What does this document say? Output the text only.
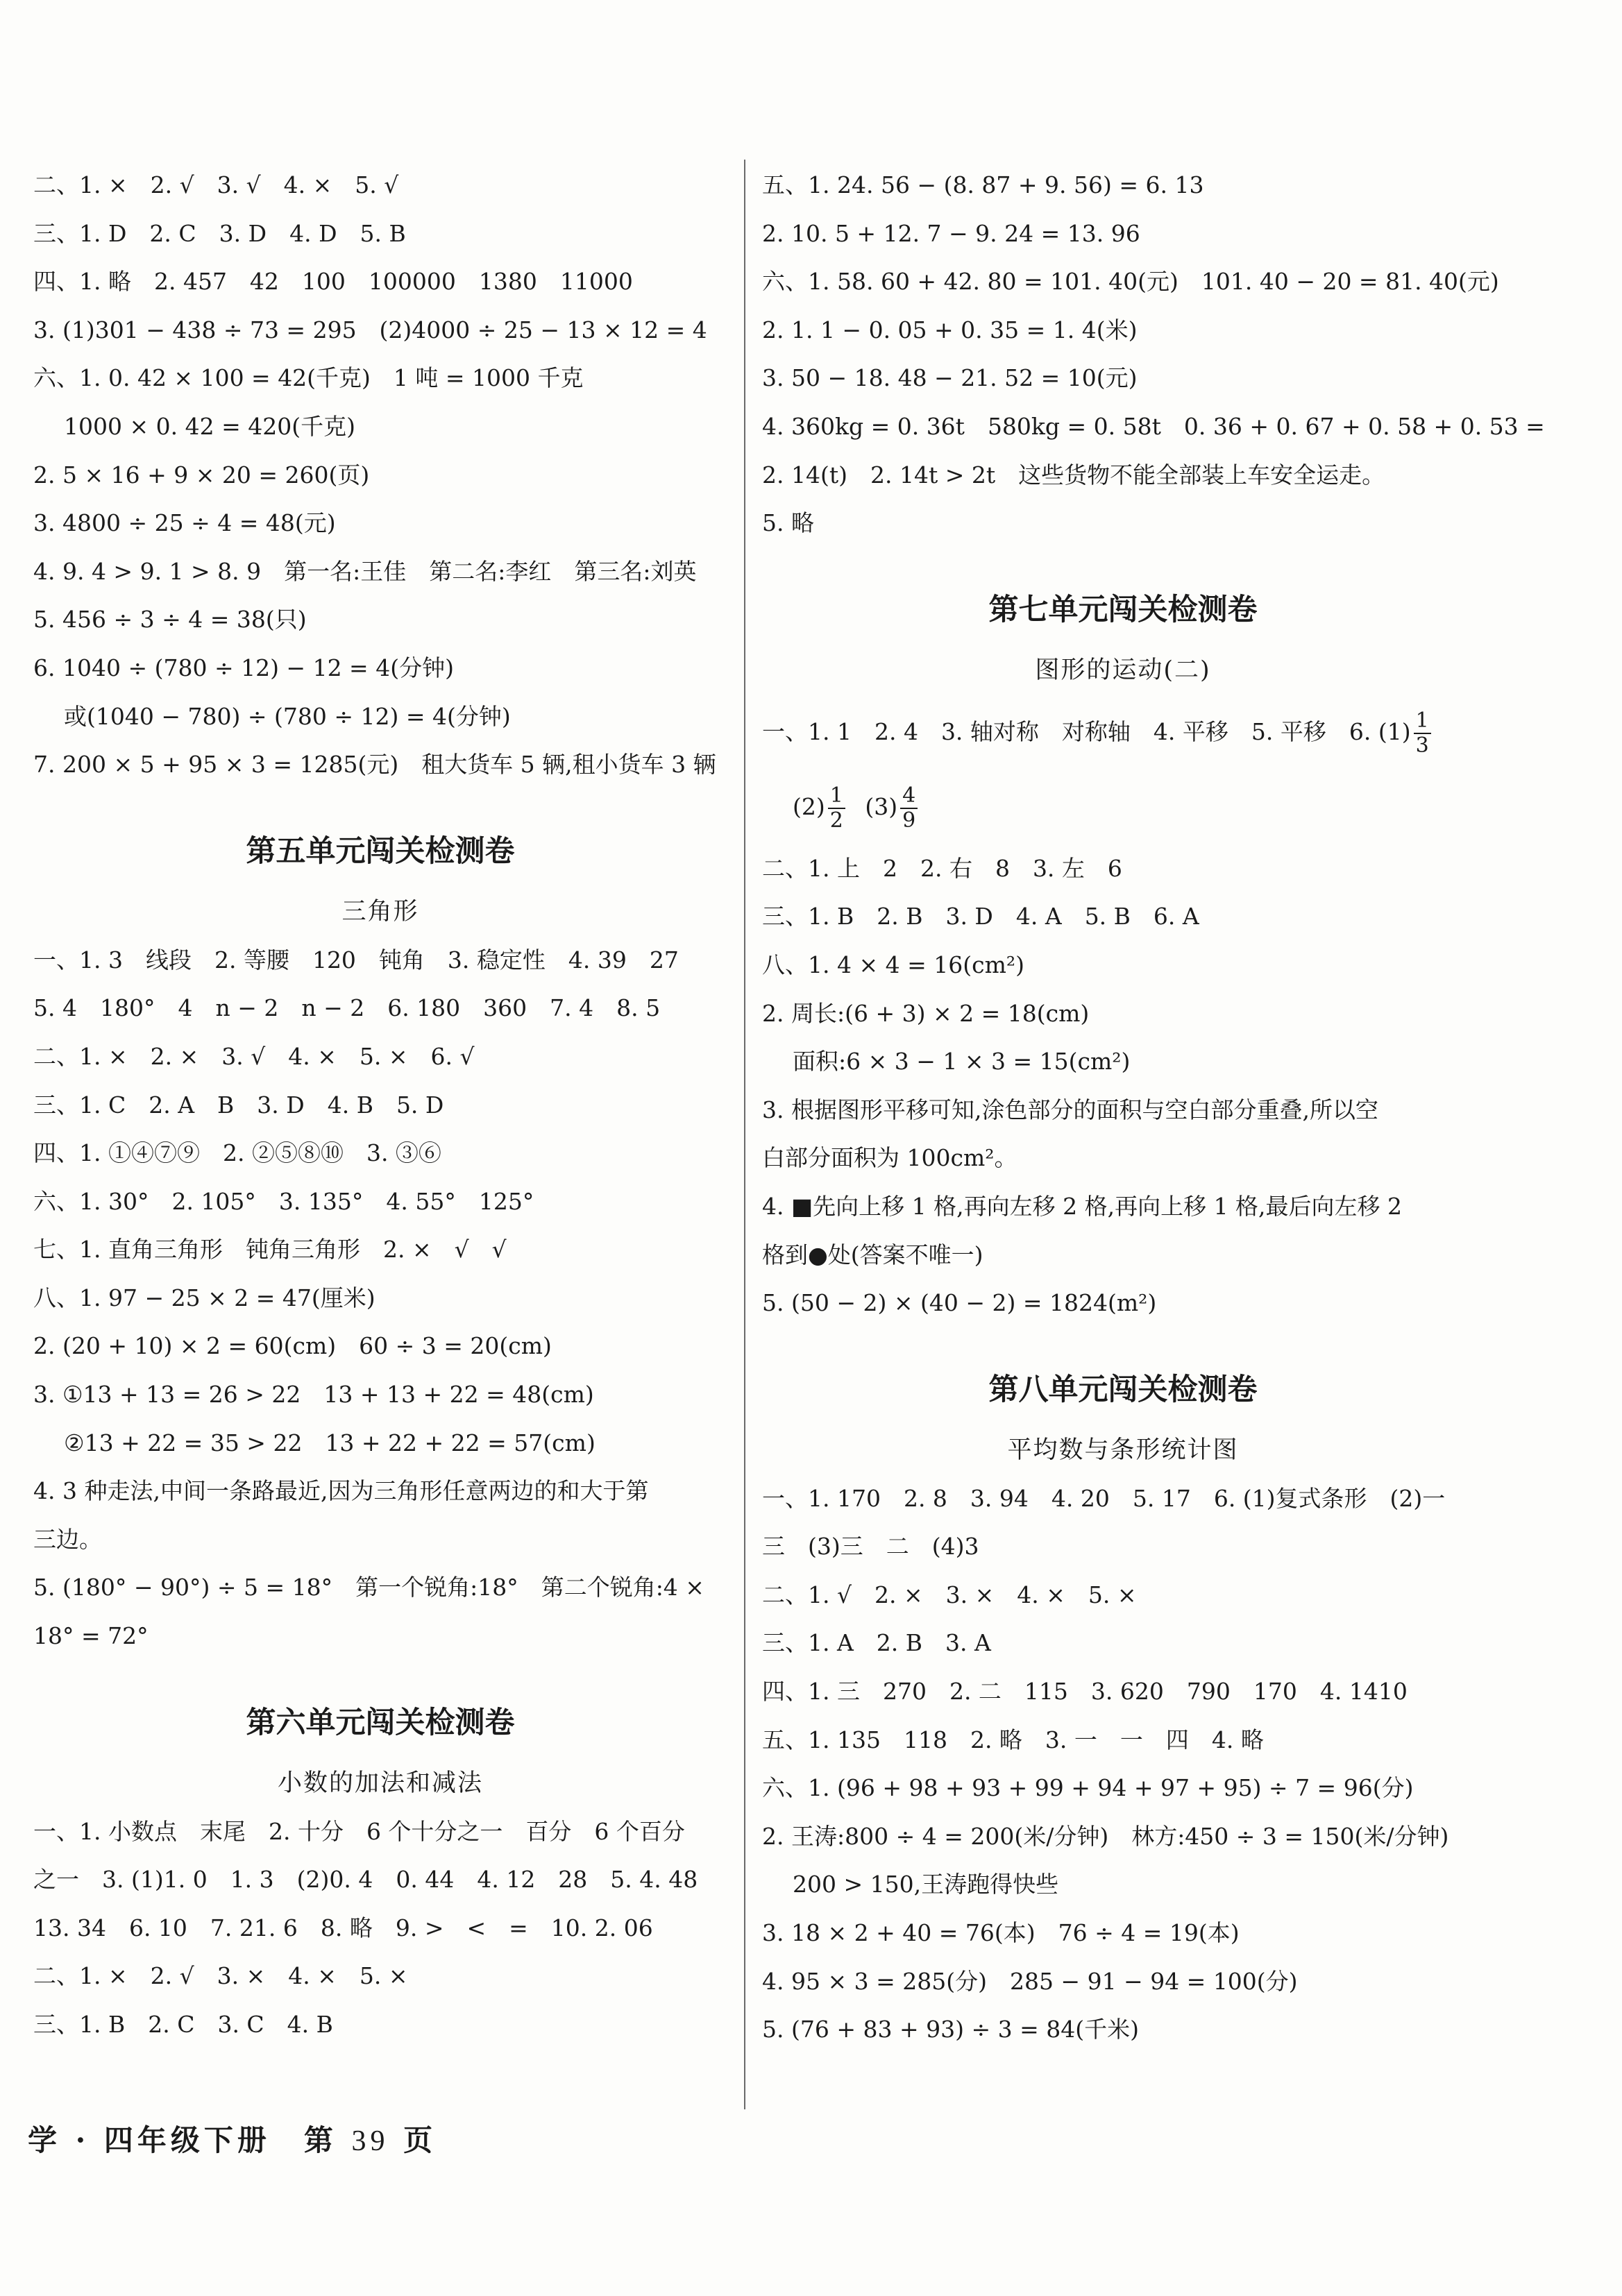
二、1. ×　2. √　3. √　4. ×　5. √
三、1. D　2. C　3. D　4. D　5. B
四、1. 略　2. 457　42　100　100000　1380　11000
3. (1)301 − 438 ÷ 73 = 295　(2)4000 ÷ 25 − 13 × 12 = 4
六、1. 0. 42 × 100 = 42(千克)　1 吨 = 1000 千克
1000 × 0. 42 = 420(千克)
2. 5 × 16 + 9 × 20 = 260(页)
3. 4800 ÷ 25 ÷ 4 = 48(元)
4. 9. 4 > 9. 1 > 8. 9　第一名:王佳　第二名:李红　第三名:刘英
5. 456 ÷ 3 ÷ 4 = 38(只)
6. 1040 ÷ (780 ÷ 12) − 12 = 4(分钟)
或(1040 − 780) ÷ (780 ÷ 12) = 4(分钟)
7. 200 × 5 + 95 × 3 = 1285(元)　租大货车 5 辆,租小货车 3 辆
第五单元闯关检测卷
三角形
一、1. 3　线段　2. 等腰　120　钝角　3. 稳定性　4. 39　27
5. 4　180°　4　n − 2　n − 2　6. 180　360　7. 4　8. 5
二、1. ×　2. ×　3. √　4. ×　5. ×　6. √
三、1. C　2. A　B　3. D　4. B　5. D
四、1. ①④⑦⑨　2. ②⑤⑧⑩　3. ③⑥
六、1. 30°　2. 105°　3. 135°　4. 55°　125°
七、1. 直角三角形　钝角三角形　2. ×　√　√
八、1. 97 − 25 × 2 = 47(厘米)
2. (20 + 10) × 2 = 60(cm)　60 ÷ 3 = 20(cm)
3. ①13 + 13 = 26 > 22　13 + 13 + 22 = 48(cm)
②13 + 22 = 35 > 22　13 + 22 + 22 = 57(cm)
4. 3 种走法,中间一条路最近,因为三角形任意两边的和大于第
三边。
5. (180° − 90°) ÷ 5 = 18°　第一个锐角:18°　第二个锐角:4 ×
18° = 72°
第六单元闯关检测卷
小数的加法和减法
一、1. 小数点　末尾　2. 十分　6 个十分之一　百分　6 个百分
之一　3. (1)1. 0　1. 3　(2)0. 4　0. 44　4. 12　28　5. 4. 48
13. 34　6. 10　7. 21. 6　8. 略　9. >　<　=　10. 2. 06
二、1. ×　2. √　3. ×　4. ×　5. ×
三、1. B　2. C　3. C　4. B
五、1. 24. 56 − (8. 87 + 9. 56) = 6. 13
2. 10. 5 + 12. 7 − 9. 24 = 13. 96
六、1. 58. 60 + 42. 80 = 101. 40(元)　101. 40 − 20 = 81. 40(元)
2. 1. 1 − 0. 05 + 0. 35 = 1. 4(米)
3. 50 − 18. 48 − 21. 52 = 10(元)
4. 360kg = 0. 36t　580kg = 0. 58t　0. 36 + 0. 67 + 0. 58 + 0. 53 =
2. 14(t)　2. 14t > 2t　这些货物不能全部装上车安全运走。
5. 略
第七单元闯关检测卷
图形的运动(二)
一、1. 1　2. 4　3. 轴对称　对称轴　4. 平移　5. 平移　6. $(1) \frac{1}{3}$
$(2) \frac{1}{2} (3) \frac{4}{9}$
二、1. 上　2　2. 右　8　3. 左　6
三、1. B　2. B　3. D　4. A　5. B　6. A
八、1. 4 × 4 = 16(cm²)
2. 周长:(6 + 3) × 2 = 18(cm)
面积:6 × 3 − 1 × 3 = 15(cm²)
3. 根据图形平移可知,涂色部分的面积与空白部分重叠,所以空
白部分面积为 100cm²。
4. ■先向上移 1 格,再向左移 2 格,再向上移 1 格,最后向左移 2
格到●处(答案不唯一)
5. (50 − 2) × (40 − 2) = 1824(m²)
第八单元闯关检测卷
平均数与条形统计图
一、1. 170　2. 8　3. 94　4. 20　5. 17　6. (1)复式条形　(2)一
三　(3)三　二　(4)3
二、1. √　2. ×　3. ×　4. ×　5. ×
三、1. A　2. B　3. A
四、1. 三　270　2. 二　115　3. 620　790　170　4. 1410
五、1. 135　118　2. 略　3. 一　一　四　4. 略
六、1. (96 + 98 + 93 + 99 + 94 + 97 + 95) ÷ 7 = 96(分)
2. 王涛:800 ÷ 4 = 200(米/分钟)　林方:450 ÷ 3 = 150(米/分钟)
200 > 150,王涛跑得快些
3. 18 × 2 + 40 = 76(本)　76 ÷ 4 = 19(本)
4. 95 × 3 = 285(分)　285 − 91 − 94 = 100(分)
5. (76 + 83 + 93) ÷ 3 = 84(千米)
学 · 四年级下册　第 39 页
